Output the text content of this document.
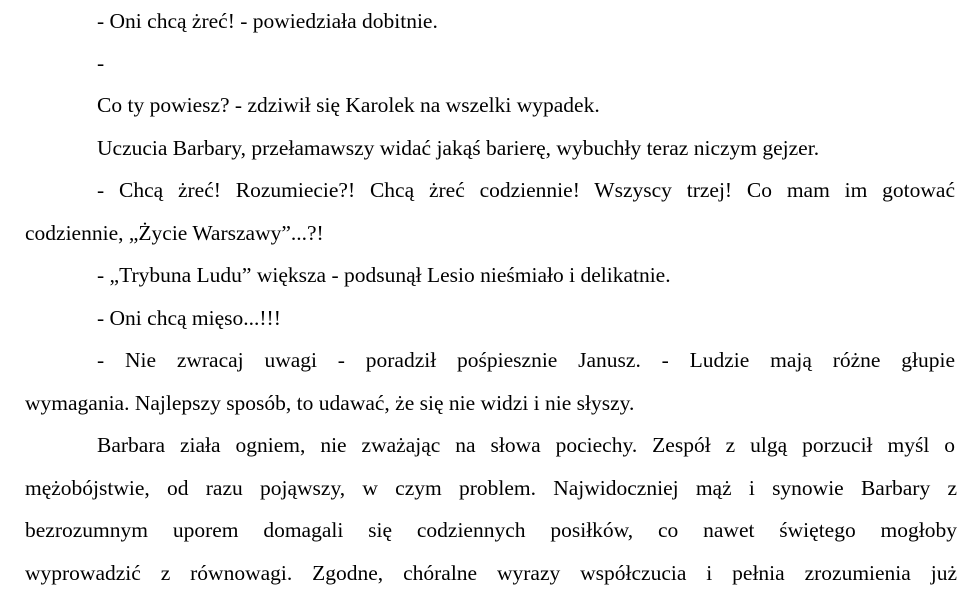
- Oni chcą żreć! - powiedziała dobitnie.

-

Co ty powiesz? - zdziwił się Karolek na wszelki wypadek.

Uczucia Barbary, przełamawszy widać jakąś barierę, wybuchły teraz niczym gejzer.

- Chcą żreć! Rozumiecie?! Chcą żreć codziennie! Wszyscy trzej! Co mam im gotować

codziennie, „Życie Warszawy”...?!

- „Trybuna Ludu” większa - podsunął Lesio nieśmiało i delikatnie.

- Oni chcą mięso...!!!

- Nie zwracaj uwagi - poradził pośpiesznie Janusz. - Ludzie mają różne głupie

wymagania. Najlepszy sposób, to udawać, że się nie widzi i nie słyszy.

Barbara ziała ogniem, nie zważając na słowa pociechy. Zespół z ulgą porzucił myśl o

mężobójstwie, od razu pojąwszy, w czym problem. Najwidoczniej mąż i synowie Barbary z

bezrozumnym uporem domagali się codziennych posiłków, co nawet świętego mogłoby

wyprowadzić z równowagi. Zgodne, chóralne wyrazy współczucia i pełnia zrozumienia już
